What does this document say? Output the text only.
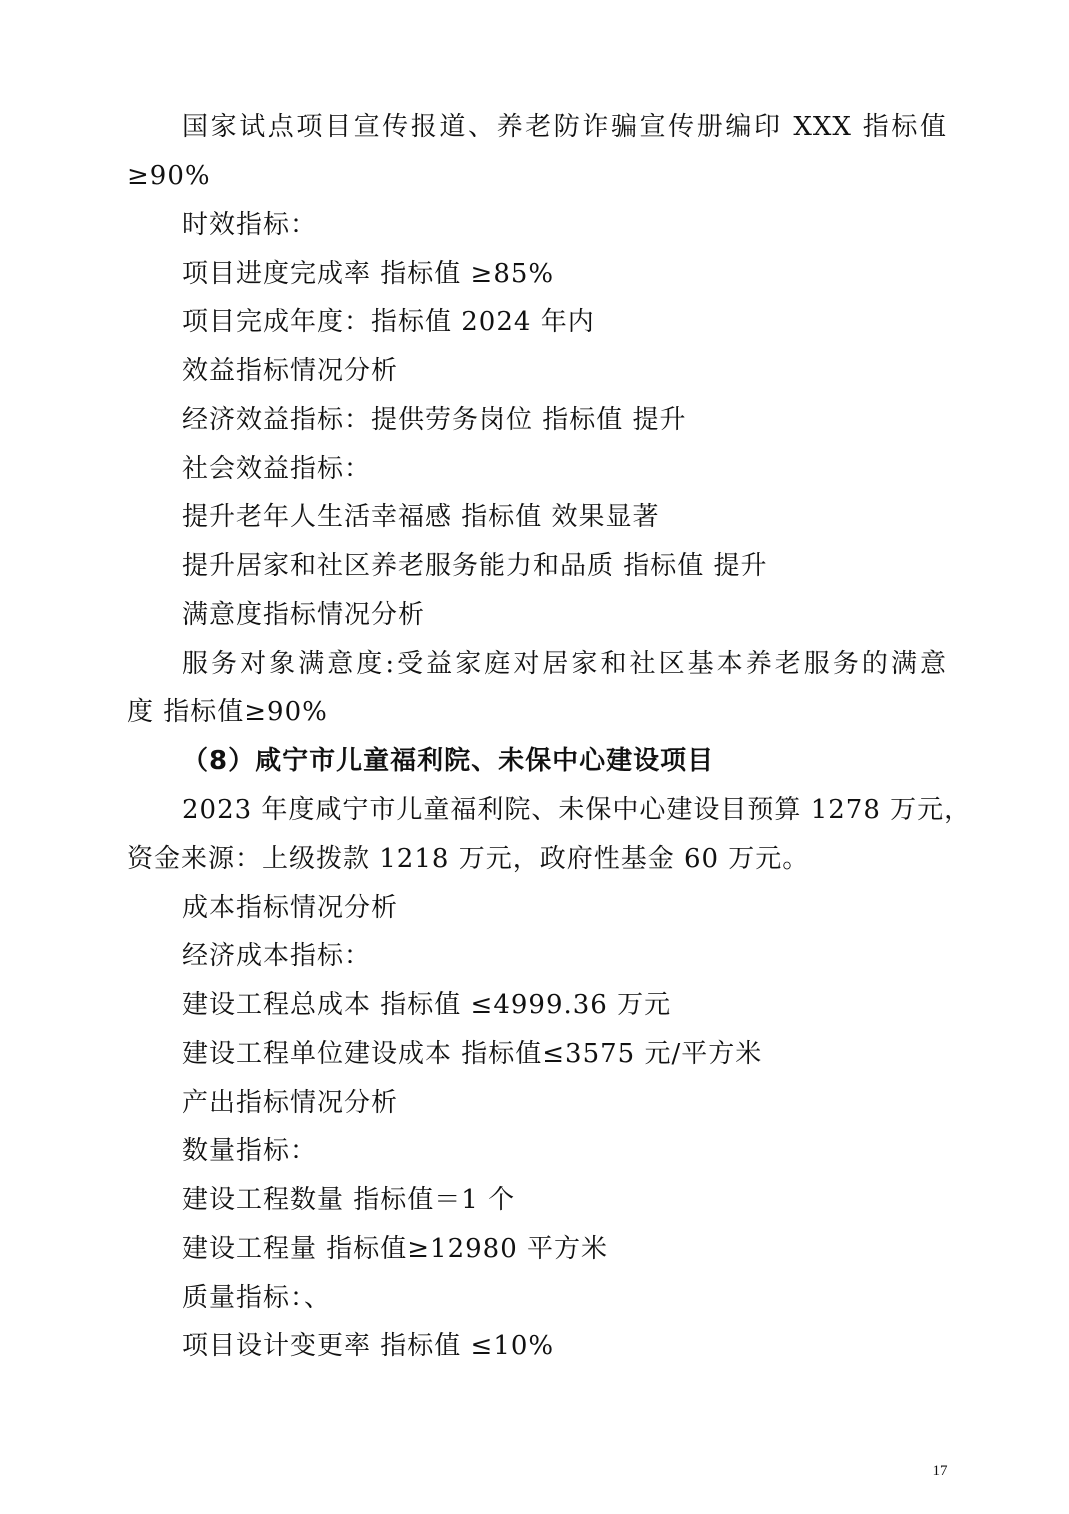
国家试点项目宣传报道、养老防诈骗宣传册编印 XXX 指标值
≥90%
时效指标：
项目进度完成率 指标值 ≥85%
项目完成年度：指标值 2024 年内
效益指标情况分析
经济效益指标：提供劳务岗位 指标值 提升
社会效益指标：
提升老年人生活幸福感 指标值 效果显著
提升居家和社区养老服务能力和品质 指标值 提升
满意度指标情况分析
服务对象满意度:受益家庭对居家和社区基本养老服务的满意
度 指标值≥90%
（8）咸宁市儿童福利院、未保中心建设项目
2023 年度咸宁市儿童福利院、未保中心建设目预算 1278 万元，
资金来源：上级拨款 1218 万元，政府性基金 60 万元。
成本指标情况分析
经济成本指标：
建设工程总成本 指标值 ≤4999.36 万元
建设工程单位建设成本 指标值≤3575 元/平方米
产出指标情况分析
数量指标：
建设工程数量 指标值＝1 个
建设工程量 指标值≥12980 平方米
质量指标：、
项目设计变更率 指标值 ≤10%
17
